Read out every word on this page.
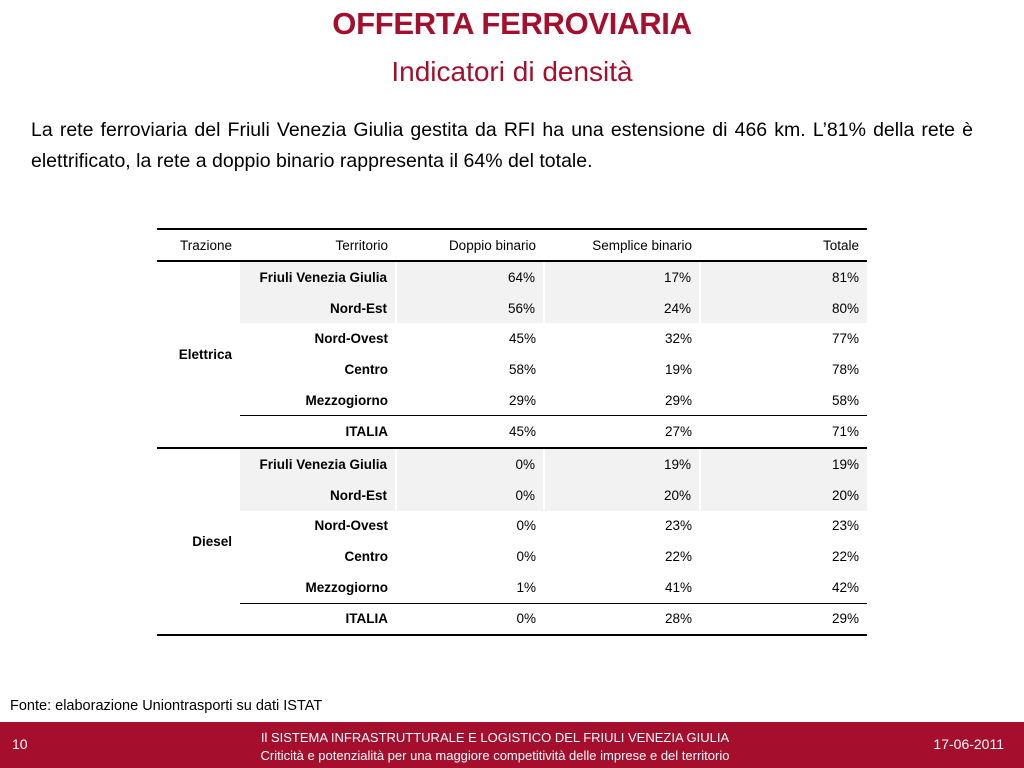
OFFERTA FERROVIARIA
Indicatori di densità
La rete ferroviaria del Friuli Venezia Giulia gestita da RFI ha una estensione di 466 km. L’81% della rete è elettrificato, la rete a doppio binario rappresenta il 64% del totale.
Trazione	Territorio	Doppio binario	Semplice binario	Totale
Elettrica	Friuli Venezia Giulia	64%	17%	81%
	Nord-Est	56%	24%	80%
	Nord-Ovest	45%	32%	77%
	Centro	58%	19%	78%
	Mezzogiorno	29%	29%	58%
	ITALIA	45%	27%	71%
Diesel	Friuli Venezia Giulia	0%	19%	19%
	Nord-Est	0%	20%	20%
	Nord-Ovest	0%	23%	23%
	Centro	0%	22%	22%
	Mezzogiorno	1%	41%	42%
	ITALIA	0%	28%	29%
Fonte: elaborazione Uniontrasporti su dati ISTAT
10	Il SISTEMA INFRASTRUTTURALE E LOGISTICO DEL FRIULI VENEZIA GIULIA
Criticità e potenzialità per una maggiore competitività delle imprese e del territorio
17-06-2011
